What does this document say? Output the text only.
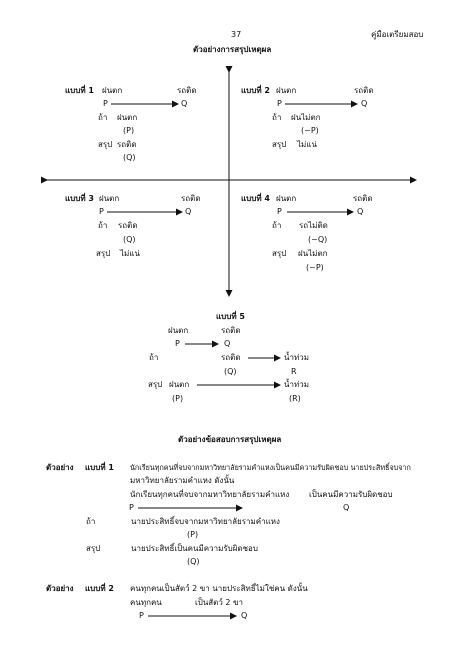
37	คู่มือเตรียมสอบ
ตัวอย่างการสรุปเหตุผล
แบบที่ 1 ฝนตก	รถติด
P	Q
ถ้า ฝนตก
(P)
สรุป รถติด
(Q)
แบบที่ 2 ฝนตก	รถติด
P	Q
ถ้า ฝนไม่ตก
(~P)
สรุป ไม่แน่
แบบที่ 3 ฝนตก	รถติด
P	Q
ถ้า รถติด
(Q)
สรุป ไม่แน่
แบบที่ 4 ฝนตก	รถติด
P	Q
ถ้า รถไม่ติด
(~Q)
สรุป ฝนไม่ตก
(~P)
แบบที่ 5
ฝนตก	รถติด
P	Q
ถ้า	รถติด	น้ำท่วม
(Q)	R
สรุป ฝนตก	น้ำท่วม
(P)	(R)
ตัวอย่างข้อสอบการสรุปเหตุผล
ตัวอย่าง แบบที่ 1 นักเรียนทุกคนที่จบจากมหาวิทยาลัยรามคำแหงเป็นคนมีความรับผิดชอบ นายประสิทธิ์จบจาก
มหาวิทยาลัยรามคำแหง ดังนั้น
นักเรียนทุกคนที่จบจากมหาวิทยาลัยรามคำแหง เป็นคนมีความรับผิดชอบ
P	Q
ถ้า	นายประสิทธิ์จบจากมหาวิทยาลัยรามคำแหง
(P)
สรุป	นายประสิทธิ์เป็นคนมีความรับผิดชอบ
(Q)
ตัวอย่าง แบบที่ 2 คนทุกคนเป็นสัตว์ 2 ขา นายประสิทธิ์ไม่ใช่คน ดังนั้น
คนทุกคน	เป็นสัตว์ 2 ขา
P	Q
